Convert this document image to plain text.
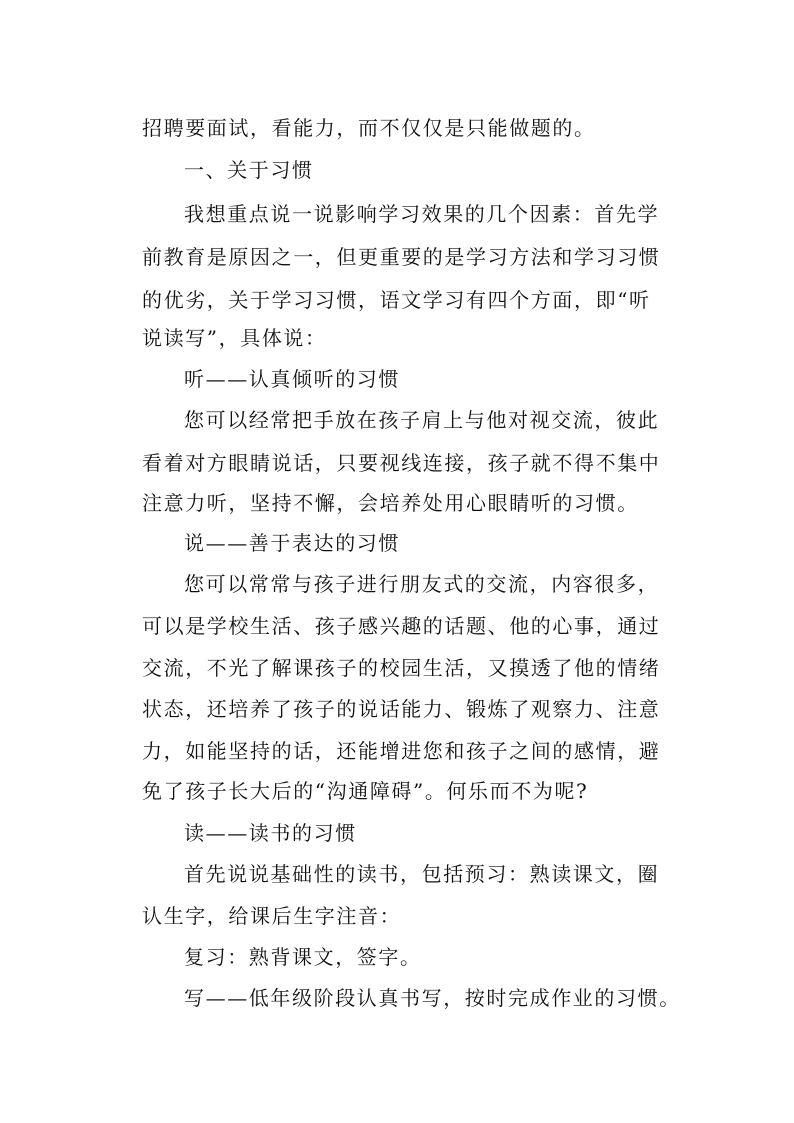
招聘要面试，看能力，而不仅仅是只能做题的。
一、关于习惯
我想重点说一说影响学习效果的几个因素：首先学
前教育是原因之一，但更重要的是学习方法和学习习惯
的优劣，关于学习习惯，语文学习有四个方面，即“听
说读写”，具体说：
听——认真倾听的习惯
您可以经常把手放在孩子肩上与他对视交流，彼此
看着对方眼睛说话，只要视线连接，孩子就不得不集中
注意力听，坚持不懈，会培养处用心眼睛听的习惯。
说——善于表达的习惯
您可以常常与孩子进行朋友式的交流，内容很多，
可以是学校生活、孩子感兴趣的话题、他的心事，通过
交流，不光了解课孩子的校园生活，又摸透了他的情绪
状态，还培养了孩子的说话能力、锻炼了观察力、注意
力，如能坚持的话，还能增进您和孩子之间的感情，避
免了孩子长大后的“沟通障碍”。何乐而不为呢?
读——读书的习惯
首先说说基础性的读书，包括预习：熟读课文，圈
认生字，给课后生字注音：
复习：熟背课文，签字。
写——低年级阶段认真书写，按时完成作业的习惯。
